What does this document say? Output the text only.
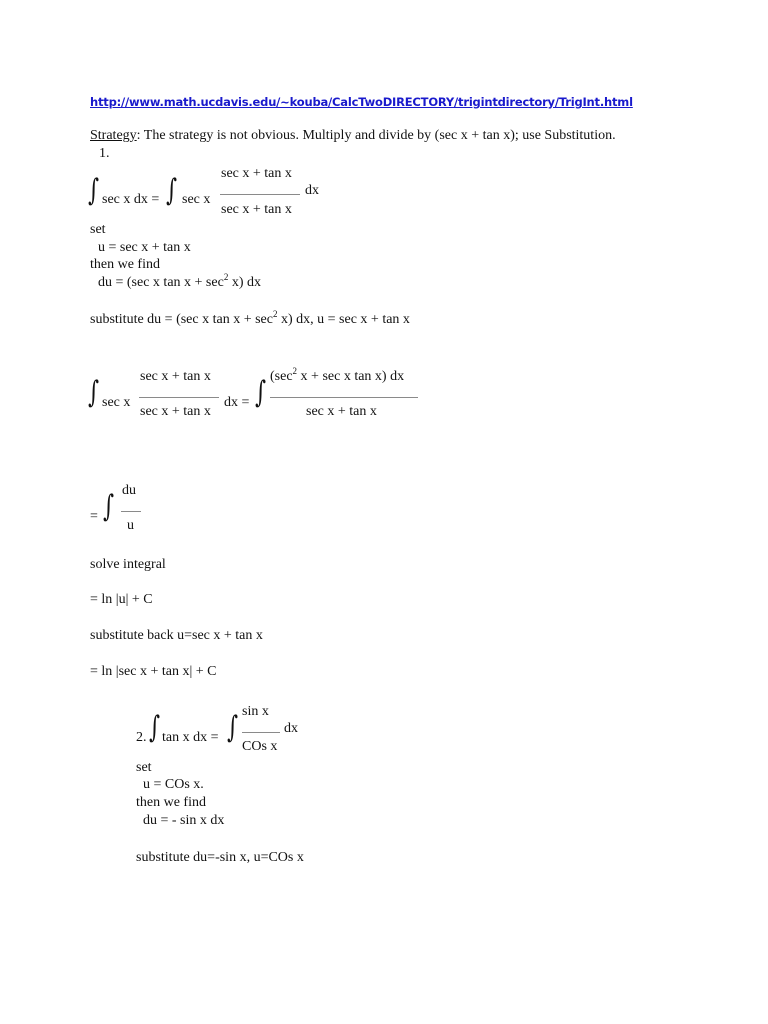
http://www.math.ucdavis.edu/~kouba/CalcTwoDIRECTORY/trigintdirectory/TrigInt.html
Strategy: The strategy is not obvious. Multiply and divide by (sec x + tan x); use Substitution.
1.
∫ sec x dx = ∫ sec x
sec x + tan x
sec x + tan x
dx
set
u = sec x + tan x
then we find
du = (sec x $\tan x + \sec^2 x$) dx
substitute du = (sec x $\tan x + \sec^2 x$) dx, u = sec x + tan x
∫ sec x
sec x + tan x
sec x + tan x
dx = ∫ ($\sec^2$ x + sec x tan x) dx
sec x + tan x
= ∫ du
u
solve integral
= ln |u| + C
substitute back u=sec x + tan x
= ln |sec x + tan x| + C
2. ∫ tan x dx = ∫ sin x
COs x
dx
set
u = COs x.
then we find
du = - sin x dx
substitute du=-sin x, u=COs x
